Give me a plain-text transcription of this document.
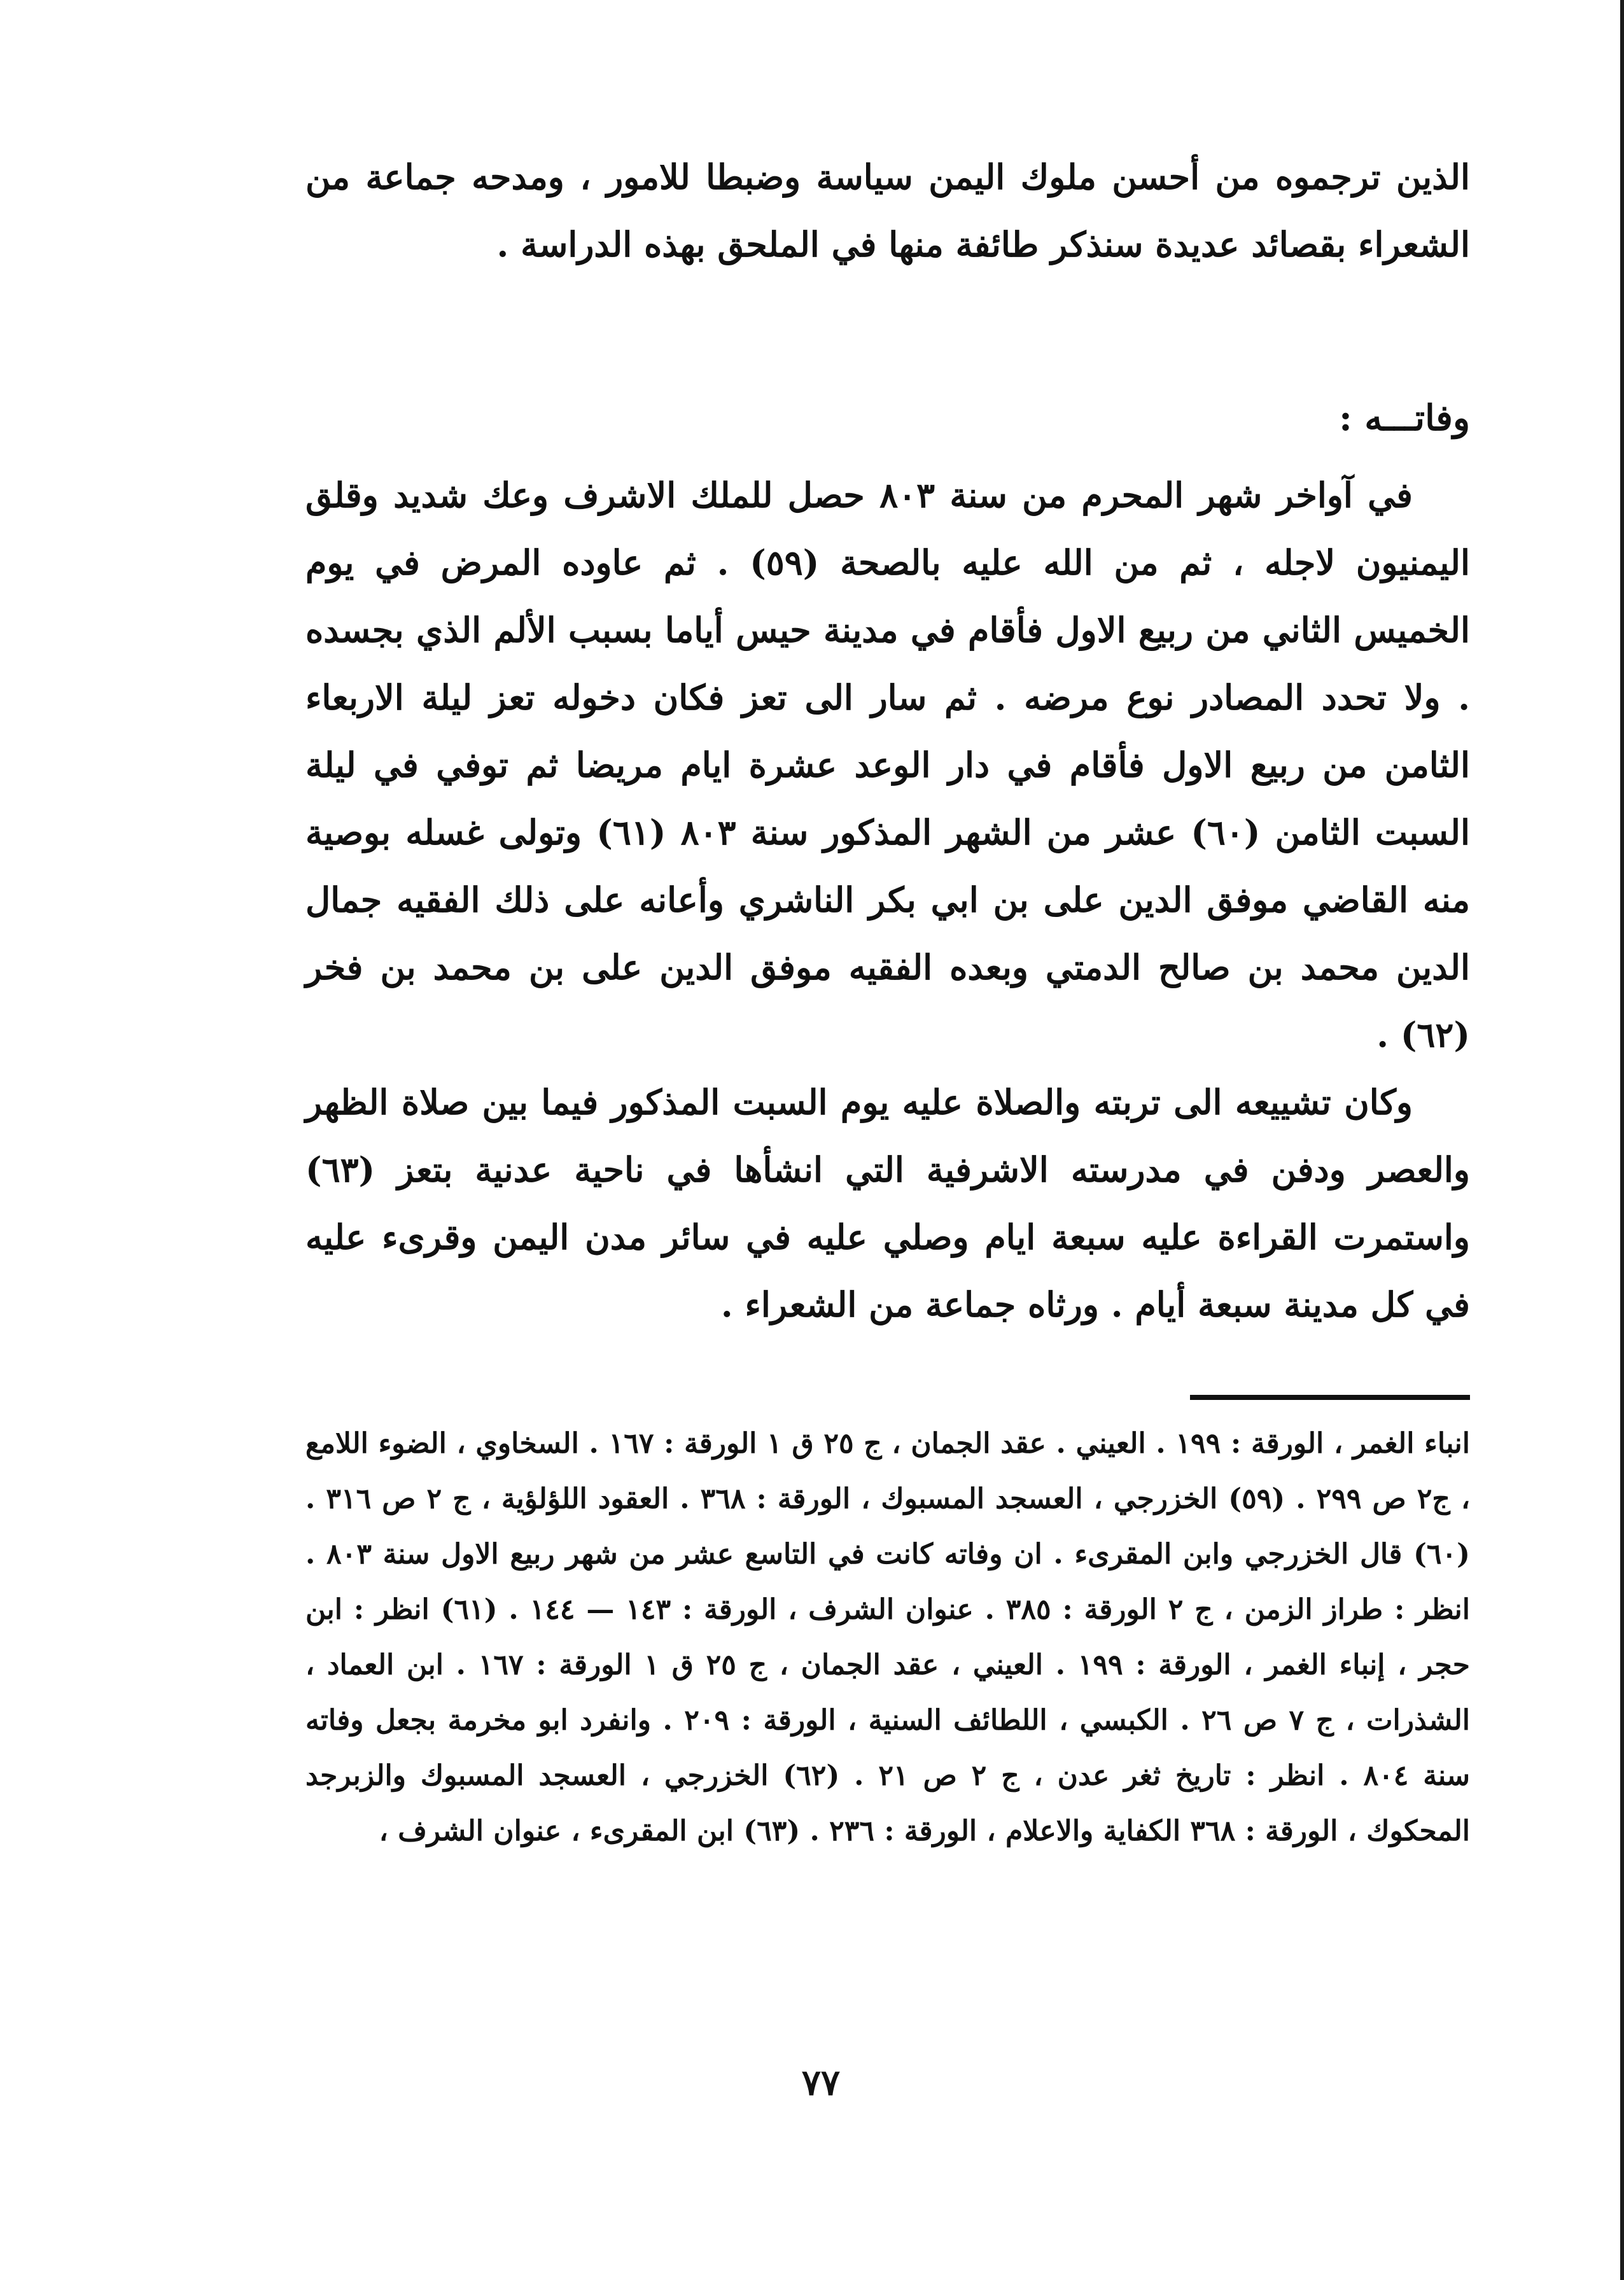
الذين ترجموه من أحسن ملوك اليمن سياسة وضبطا للامور ، ومدحه جماعة من الشعراء بقصائد عديدة سنذكر طائفة منها في الملحق بهذه الدراسة .
وفاتـــه :

في آواخر شهر المحرم من سنة ٨٠٣ حصل للملك الاشرف وعك شديد وقلق اليمنيون لاجله ، ثم من الله عليه بالصحة (٥٩) . ثم عاوده المرض في يوم الخميس الثاني من ربيع الاول فأقام في مدينة حيس أياما بسبب الألم الذي بجسده . ولا تحدد المصادر نوع مرضه . ثم سار الى تعز فكان دخوله تعز ليلة الاربعاء الثامن من ربيع الاول فأقام في دار الوعد عشرة ايام مريضا ثم توفي في ليلة السبت الثامن (٦٠) عشر من الشهر المذكور سنة ٨٠٣ (٦١) وتولى غسله بوصية منه القاضي موفق الدين على بن ابي بكر الناشري وأعانه على ذلك الفقيه جمال الدين محمد بن صالح الدمتي وبعده الفقيه موفق الدين على بن محمد بن فخر (٦٢) .

وكان تشييعه الى تربته والصلاة عليه يوم السبت المذكور فيما بين صلاة الظهر والعصر ودفن في مدرسته الاشرفية التي انشأها في ناحية عدنية بتعز (٦٣) واستمرت القراءة عليه سبعة ايام وصلي عليه في سائر مدن اليمن وقرىء عليه في كل مدينة سبعة أيام . ورثاه جماعة من الشعراء .

انباء الغمر ، الورقة : ١٩٩ . العيني . عقد الجمان ، ج ٢٥ ق ١ الورقة : ١٦٧ . السخاوي ، الضوء اللامع ، ج٢ ص ٢٩٩ . (٥٩) الخزرجي ، العسجد المسبوك ، الورقة : ٣٦٨ . العقود اللؤلؤية ، ج ٢ ص ٣١٦ . (٦٠) قال الخزرجي وابن المقرىء . ان وفاته كانت في التاسع عشر من شهر ربيع الاول سنة ٨٠٣ . انظر : طراز الزمن ، ج ٢ الورقة : ٣٨٥ . عنوان الشرف ، الورقة : ١٤٣ — ١٤٤ . (٦١) انظر : ابن حجر ، إنباء الغمر ، الورقة : ١٩٩ . العيني ، عقد الجمان ، ج ٢٥ ق ١ الورقة : ١٦٧ . ابن العماد ، الشذرات ، ج ٧ ص ٢٦ . الكبسي ، اللطائف السنية ، الورقة : ٢٠٩ . وانفرد ابو مخرمة بجعل وفاته سنة ٨٠٤ . انظر : تاريخ ثغر عدن ، ج ٢ ص ٢١ . (٦٢) الخزرجي ، العسجد المسبوك والزبرجد المحكوك ، الورقة : ٣٦٨ الكفاية والاعلام ، الورقة : ٢٣٦ . (٦٣) ابن المقرىء ، عنوان الشرف ،
٧٧
